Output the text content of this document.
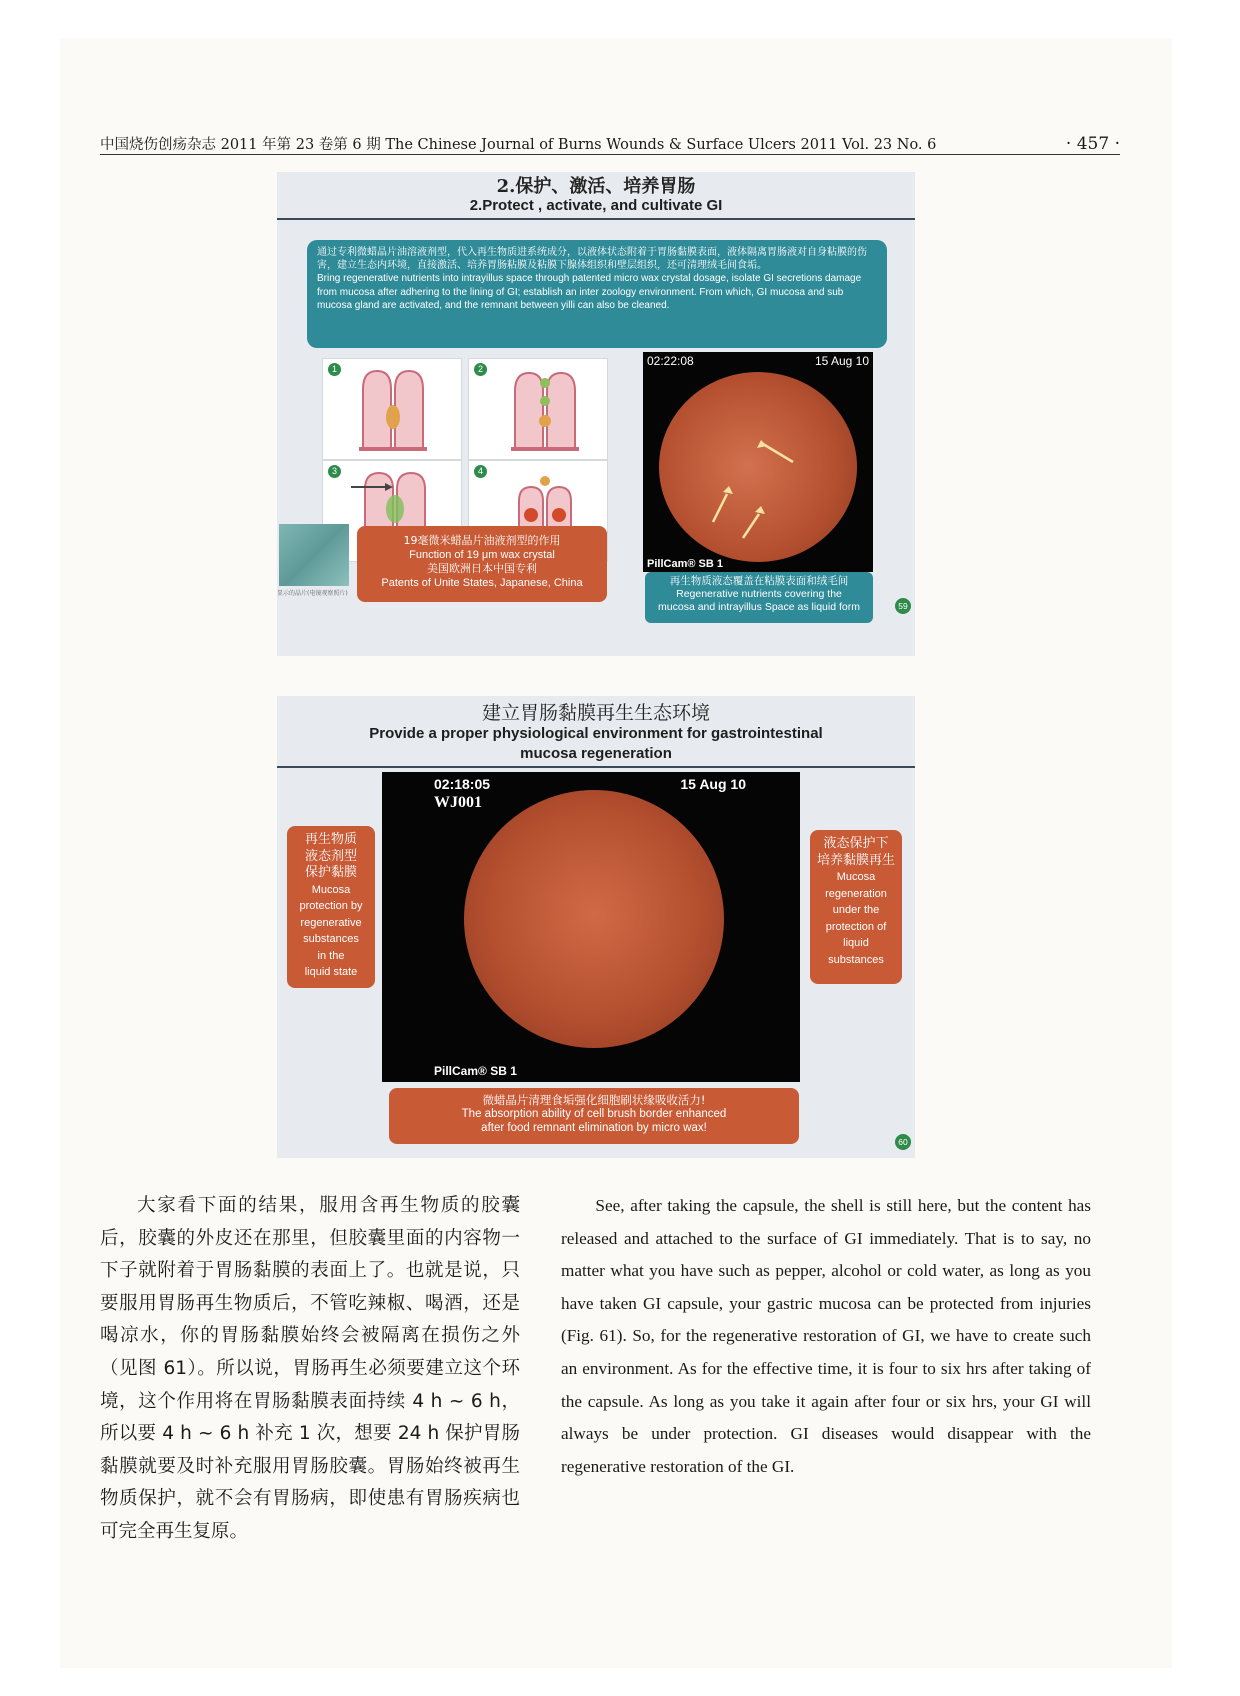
中国烧伤创疡杂志 2011 年第 23 卷第 6 期 The Chinese Journal of Burns Wounds & Surface Ulcers 2011 Vol. 23 No. 6	· 457 ·
2.保护、激活、培养胃肠
2.Protect , activate, and cultivate GI
通过专利微蜡晶片油溶液剂型，代入再生物质进系统成分，以液体状态附着于胃肠黏膜表面，液体隔离胃肠液对自身粘膜的伤害，建立生态内环境，直接激活、培养胃肠粘膜及粘膜下腺体组织和壁层组织，还可清理绒毛间食垢。
Bring regenerative nutrients into intrayillus space through patented micro wax crystal dosage, isolate GI secretions damage from mucosa after adhering to the lining of GI; establish an inter zoology environment. From which, GI mucosa and sub mucosa gland are activated, and the remnant between yilli can also be cleaned.
1	2
3	4
显示的晶片(电镜观察照片)
19毫微米蜡晶片油液剂型的作用
Function of 19 μm wax crystal
美国欧洲日本中国专利
Patents of Unite States, Japanese, China
02:22:08	15 Aug 10
PillCam® SB 1
再生物质液态覆盖在粘膜表面和绒毛间
Regenerative nutrients covering the
mucosa and intrayillus Space as liquid form	59
建立胃肠黏膜再生生态环境
Provide a proper physiological environment for gastrointestinal
mucosa regeneration
02:18:05
WJ001
15 Aug 10
PillCam® SB 1
再生物质
液态剂型
保护黏膜
Mucosa
protection by
regenerative
substances
in the
liquid state
液态保护下
培养黏膜再生
Mucosa
regeneration
under the
protection of
liquid
substances
微蜡晶片清理食垢强化细胞刷状缘吸收活力!
The absorption ability of cell brush border enhanced
after food remnant elimination by micro wax!
60
大家看下面的结果，服用含再生物质的胶囊后，胶囊的外皮还在那里，但胶囊里面的内容物一下子就附着于胃肠黏膜的表面上了。也就是说，只要服用胃肠再生物质后，不管吃辣椒、喝酒，还是喝凉水，你的胃肠黏膜始终会被隔离在损伤之外（见图 61）。所以说，胃肠再生必须要建立这个环境，这个作用将在胃肠黏膜表面持续 4 h ~ 6 h，所以要 4 h ~ 6 h 补充 1 次，想要 24 h 保护胃肠黏膜就要及时补充服用胃肠胶囊。胃肠始终被再生物质保护，就不会有胃肠病，即使患有胃肠疾病也可完全再生复原。
See, after taking the capsule, the shell is still here, but the content has released and attached to the surface of GI immediately. That is to say, no matter what you have such as pepper, alcohol or cold water, as long as you have taken GI capsule, your gastric mucosa can be protected from injuries (Fig. 61). So, for the regenerative restoration of GI, we have to create such an environment. As for the effective time, it is four to six hrs after taking of the capsule. As long as you take it again after four or six hrs, your GI will always be under protection. GI diseases would disappear with the regenerative restoration of the GI.
